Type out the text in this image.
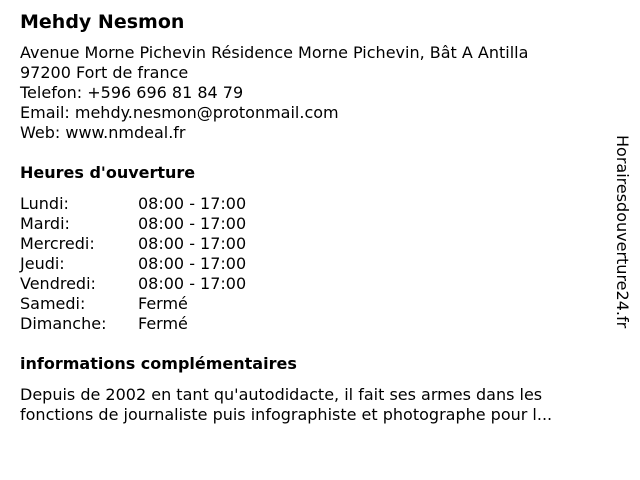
Mehdy Nesmon
Avenue Morne Pichevin Résidence Morne Pichevin, Bât A Antilla
97200 Fort de france
Telefon: +596 696 81 84 79
Email: mehdy.nesmon@protonmail.com
Web: www.nmdeal.fr
Heures d'ouverture
Lundi:	08:00 - 17:00
Mardi:	08:00 - 17:00
Mercredi:	08:00 - 17:00
Jeudi:	08:00 - 17:00
Vendredi:	08:00 - 17:00
Samedi:	Fermé
Dimanche: Fermé
informations complémentaires
Depuis de 2002 en tant qu'autodidacte, il fait ses armes dans les
fonctions de journaliste puis infographiste et photographe pour l...
Horairesdouverture24.fr
